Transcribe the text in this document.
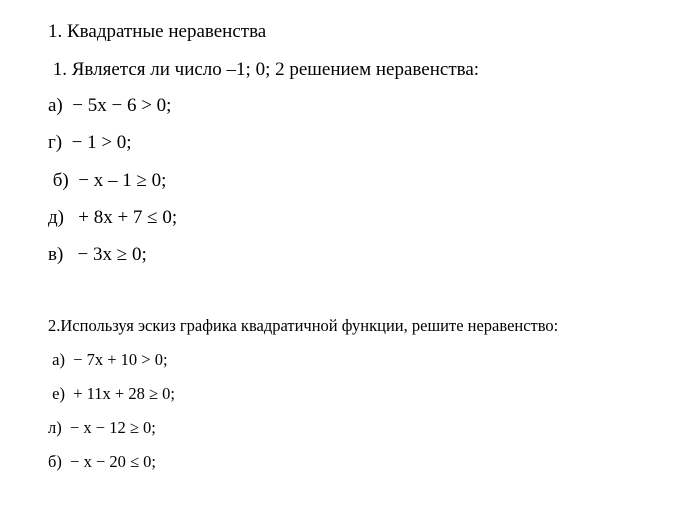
1. Квадратные неравенства
1. Является ли число –1; 0; 2 решением неравенства:
а)  − 5x − 6 > 0;
г)  − 1 > 0;
б)  − x – 1 ≥ 0;
д)   + 8x + 7 ≤ 0;
в)   − 3x ≥ 0;
2.Используя эскиз графика квадратичной функции, решите неравенство:
а)  − 7x + 10 > 0;
е)  + 11x + 28 ≥ 0;
л)  − x − 12 ≥ 0;
б)  − x − 20 ≤ 0;
